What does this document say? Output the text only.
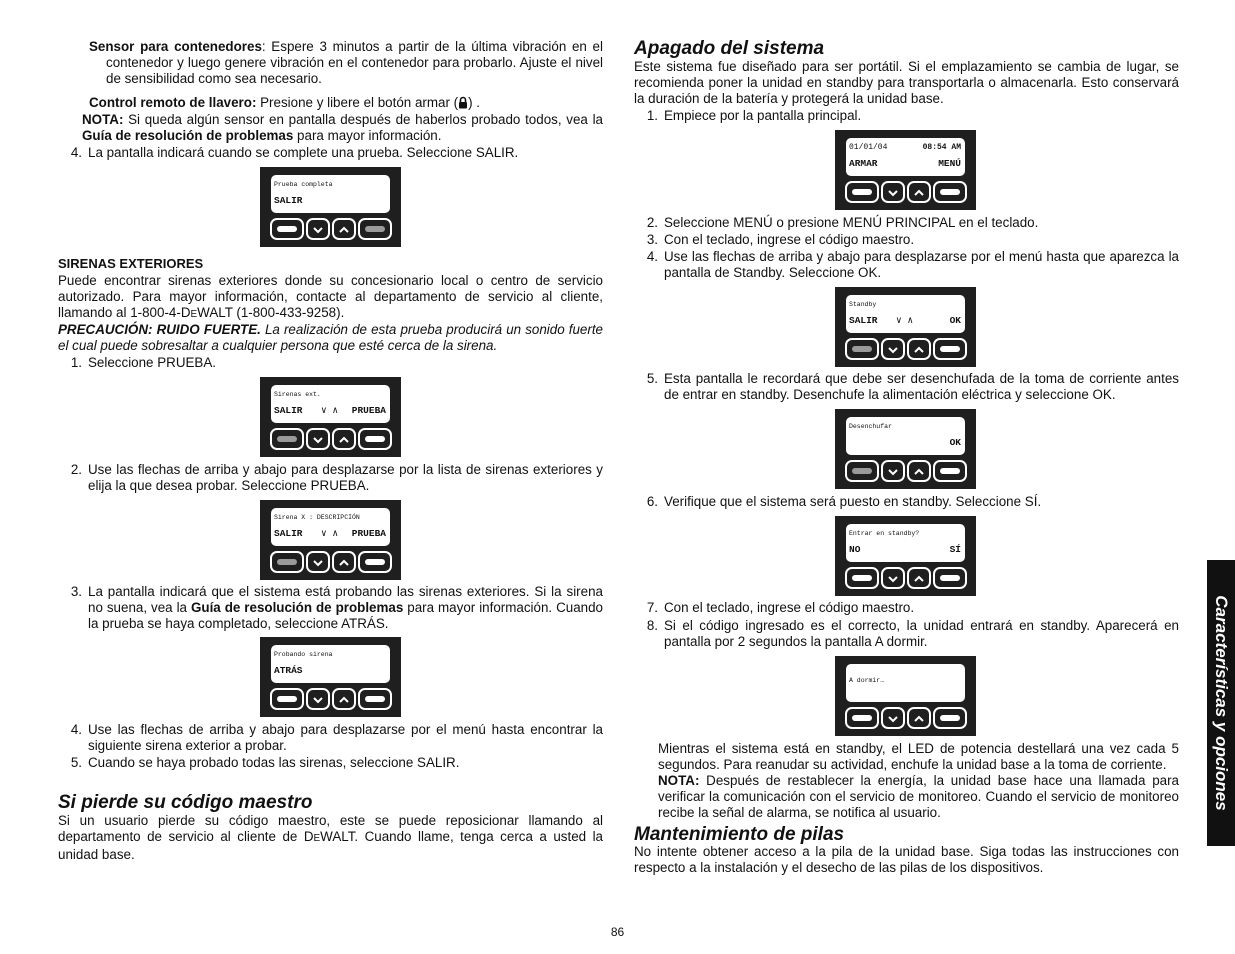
Sensor para contenedores: Espere 3 minutos a partir de la última vibración en el contenedor y luego genere vibración en el contenedor para probarlo. Ajuste el nivel de sensibilidad como sea necesario.

Control remoto de llavero: Presione y libere el botón armar ( ) .

NOTA: Si queda algún sensor en pantalla después de haberlos probado todos, vea la Guía de resolución de problemas para mayor información.

4. La pantalla indicará cuando se complete una prueba. Seleccione SALIR.
Prueba completa
SALIR
SIRENAS EXTERIORES

Puede encontrar sirenas exteriores donde su concesionario local o centro de servicio autorizado. Para mayor información, contacte al departamento de servicio al cliente, llamando al 1-800-4-DEWALT (1-800-433-9258).

PRECAUCIÓN: RUIDO FUERTE. La realización de esta prueba producirá un sonido fuerte el cual puede sobresaltar a cualquier persona que esté cerca de la sirena.

1. Seleccione PRUEBA.
Sirenas ext.
SALIR ∨ ∧ PRUEBA
2. Use las flechas de arriba y abajo para desplazarse por la lista de sirenas exteriores y elija la que desea probar. Seleccione PRUEBA.
Sirena X : DESCRIPCIÓN
SALIR ∨ ∧ PRUEBA
3. La pantalla indicará que el sistema está probando las sirenas exteriores. Si la sirena no suena, vea la Guía de resolución de problemas para mayor información. Cuando la prueba se haya completado, seleccione ATRÁS.
Probando sirena
ATRÁS
4. Use las flechas de arriba y abajo para desplazarse por el menú hasta encontrar la siguiente sirena exterior a probar.
5. Cuando se haya probado todas las sirenas, seleccione SALIR.
Si pierde su código maestro

Si un usuario pierde su código maestro, este se puede reposicionar llamando al departamento de servicio al cliente de DEWALT. Cuando llame, tenga cerca a usted la unidad base.

Apagado del sistema

Este sistema fue diseñado para ser portátil. Si el emplazamiento se cambia de lugar, se recomienda poner la unidad en standby para transportarla o almacenarla. Esto conservará la duración de la batería y protegerá la unidad base.

1. Empiece por la pantalla principal.
01/01/04	08:54 AM
ARMAR	MENÚ
2. Seleccione MENÚ o presione MENÚ PRINCIPAL en el teclado.
3. Con el teclado, ingrese el código maestro.
4. Use las flechas de arriba y abajo para desplazarse por el menú hasta que aparezca la pantalla de Standby. Seleccione OK.
Standby
SALIR ∨ ∧	OK
5. Esta pantalla le recordará que debe ser desenchufada de la toma de corriente antes de entrar en standby. Desenchufe la alimentación eléctrica y seleccione OK.
Desenchufar
OK
6. Verifique que el sistema será puesto en standby. Seleccione SÍ.
Entrar en standby?
NO	SÍ
7. Con el teclado, ingrese el código maestro.
8. Si el código ingresado es el correcto, la unidad entrará en standby. Aparecerá en pantalla por 2 segundos la pantalla A dormir.
A dormir…

Mientras el sistema está en standby, el LED de potencia destellará una vez cada 5 segundos. Para reanudar su actividad, enchufe la unidad base a la toma de corriente.

NOTA: Después de restablecer la energía, la unidad base hace una llamada para verificar la comunicación con el servicio de monitoreo. Cuando el servicio de monitoreo recibe la señal de alarma, se notifica al usuario.

Mantenimiento de pilas

No intente obtener acceso a la pila de la unidad base. Siga todas las instrucciones con respecto a la instalación y el desecho de las pilas de los dispositivos.

Características y opciones
86
